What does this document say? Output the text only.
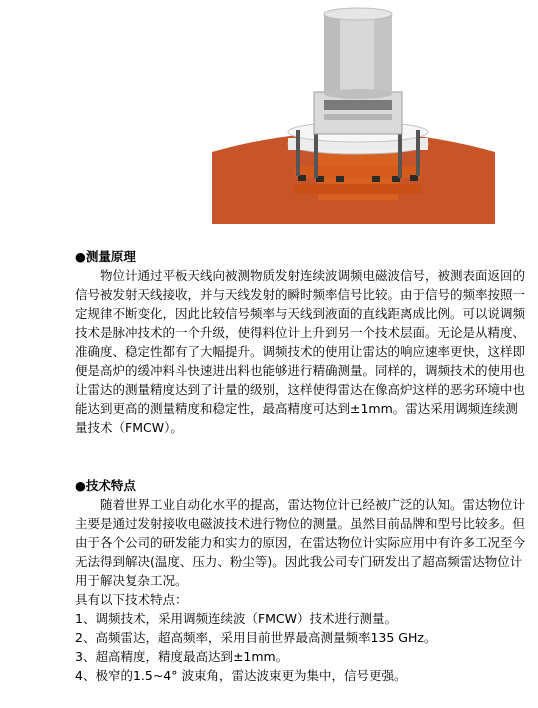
●测量原理

物位计通过平板天线向被测物质发射连续波调频电磁波信号，被测表面返回的信号被发射天线接收，并与天线发射的瞬时频率信号比较。由于信号的频率按照一定规律不断变化，因此比较信号频率与天线到液面的直线距离成比例。可以说调频技术是脉冲技术的一个升级，使得料位计上升到另一个技术层面。无论是从精度、准确度、稳定性都有了大幅提升。调频技术的使用让雷达的响应速率更快，这样即便是高炉的缓冲料斗快速进出料也能够进行精确测量。同样的，调频技术的使用也让雷达的测量精度达到了计量的级别，这样使得雷达在像高炉这样的恶劣环境中也能达到更高的测量精度和稳定性，最高精度可达到±1mm。雷达采用调频连续测量技术（FMCW）。

●技术特点

随着世界工业自动化水平的提高，雷达物位计已经被广泛的认知。雷达物位计主要是通过发射接收电磁波技术进行物位的测量。虽然目前品牌和型号比较多。但由于各个公司的研发能力和实力的原因，在雷达物位计实际应用中有许多工况至今无法得到解决(温度、压力、粉尘等)。因此我公司专门研发出了超高频雷达物位计用于解决复杂工况。

具有以下技术特点：

1、调频技术，采用调频连续波（FMCW）技术进行测量。

2、高频雷达，超高频率，采用目前世界最高测量频率135 GHz。

3、超高精度，精度最高达到±1mm。

4、极窄的1.5~4° 波束角，雷达波束更为集中，信号更强。
